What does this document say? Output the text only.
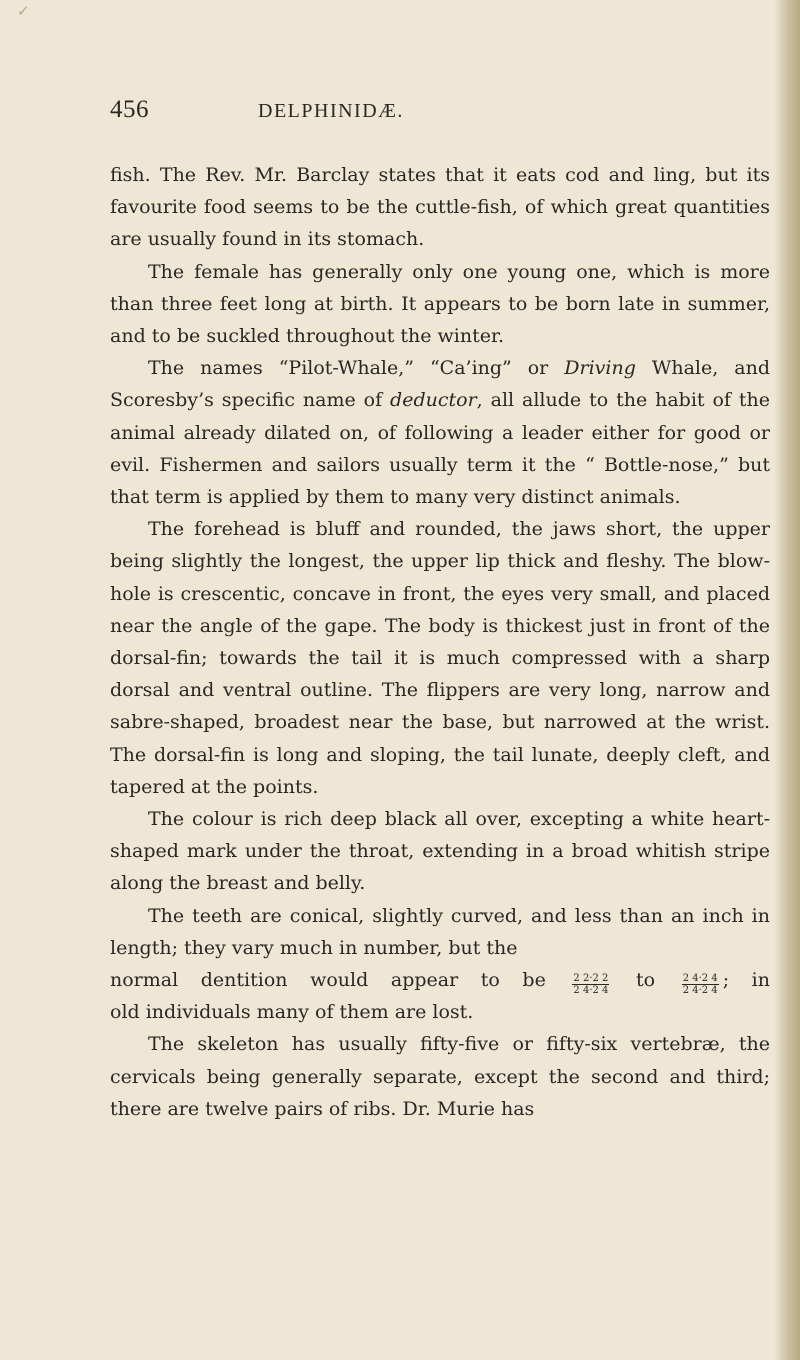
✓
456	DELPHINIDÆ.

fish. The Rev. Mr. Barclay states that it eats cod and ling, but its favourite food seems to be the cuttle-fish, of which great quantities are usually found in its stomach.

The female has generally only one young one, which is more than three feet long at birth. It appears to be born late in summer, and to be suckled throughout the winter.

The names “Pilot-Whale,” “Ca’ing” or Driving Whale, and Scoresby’s specific name of deductor, all allude to the habit of the animal already dilated on, of following a leader either for good or evil. Fishermen and sailors usually term it the “ Bottle-nose,” but that term is applied by them to many very distinct animals.

The forehead is bluff and rounded, the jaws short, the upper being slightly the longest, the upper lip thick and fleshy. The blow-hole is crescentic, concave in front, the eyes very small, and placed near the angle of the gape. The body is thickest just in front of the dorsal-fin; towards the tail it is much compressed with a sharp dorsal and ventral outline. The flippers are very long, narrow and sabre-shaped, broadest near the base, but narrowed at the wrist. The dorsal-fin is long and sloping, the tail lunate, deeply cleft, and tapered at the points.

The colour is rich deep black all over, excepting a white heart-shaped mark under the throat, extending in a broad whitish stripe along the breast and belly.

The teeth are conical, slightly curved, and less than an inch in length; they vary much in number, but the

normal dentition would appear to be	$\frac{2 2\cdot 2 2}{2 4\cdot 2 4}$ to	$\frac{2 4\cdot 2 4}{2 4\cdot 2 4}$ ; in

old individuals many of them are lost.

The skeleton has usually fifty-five or fifty-six vertebræ, the cervicals being generally separate, except the second and third; there are twelve pairs of ribs. Dr. Murie has
